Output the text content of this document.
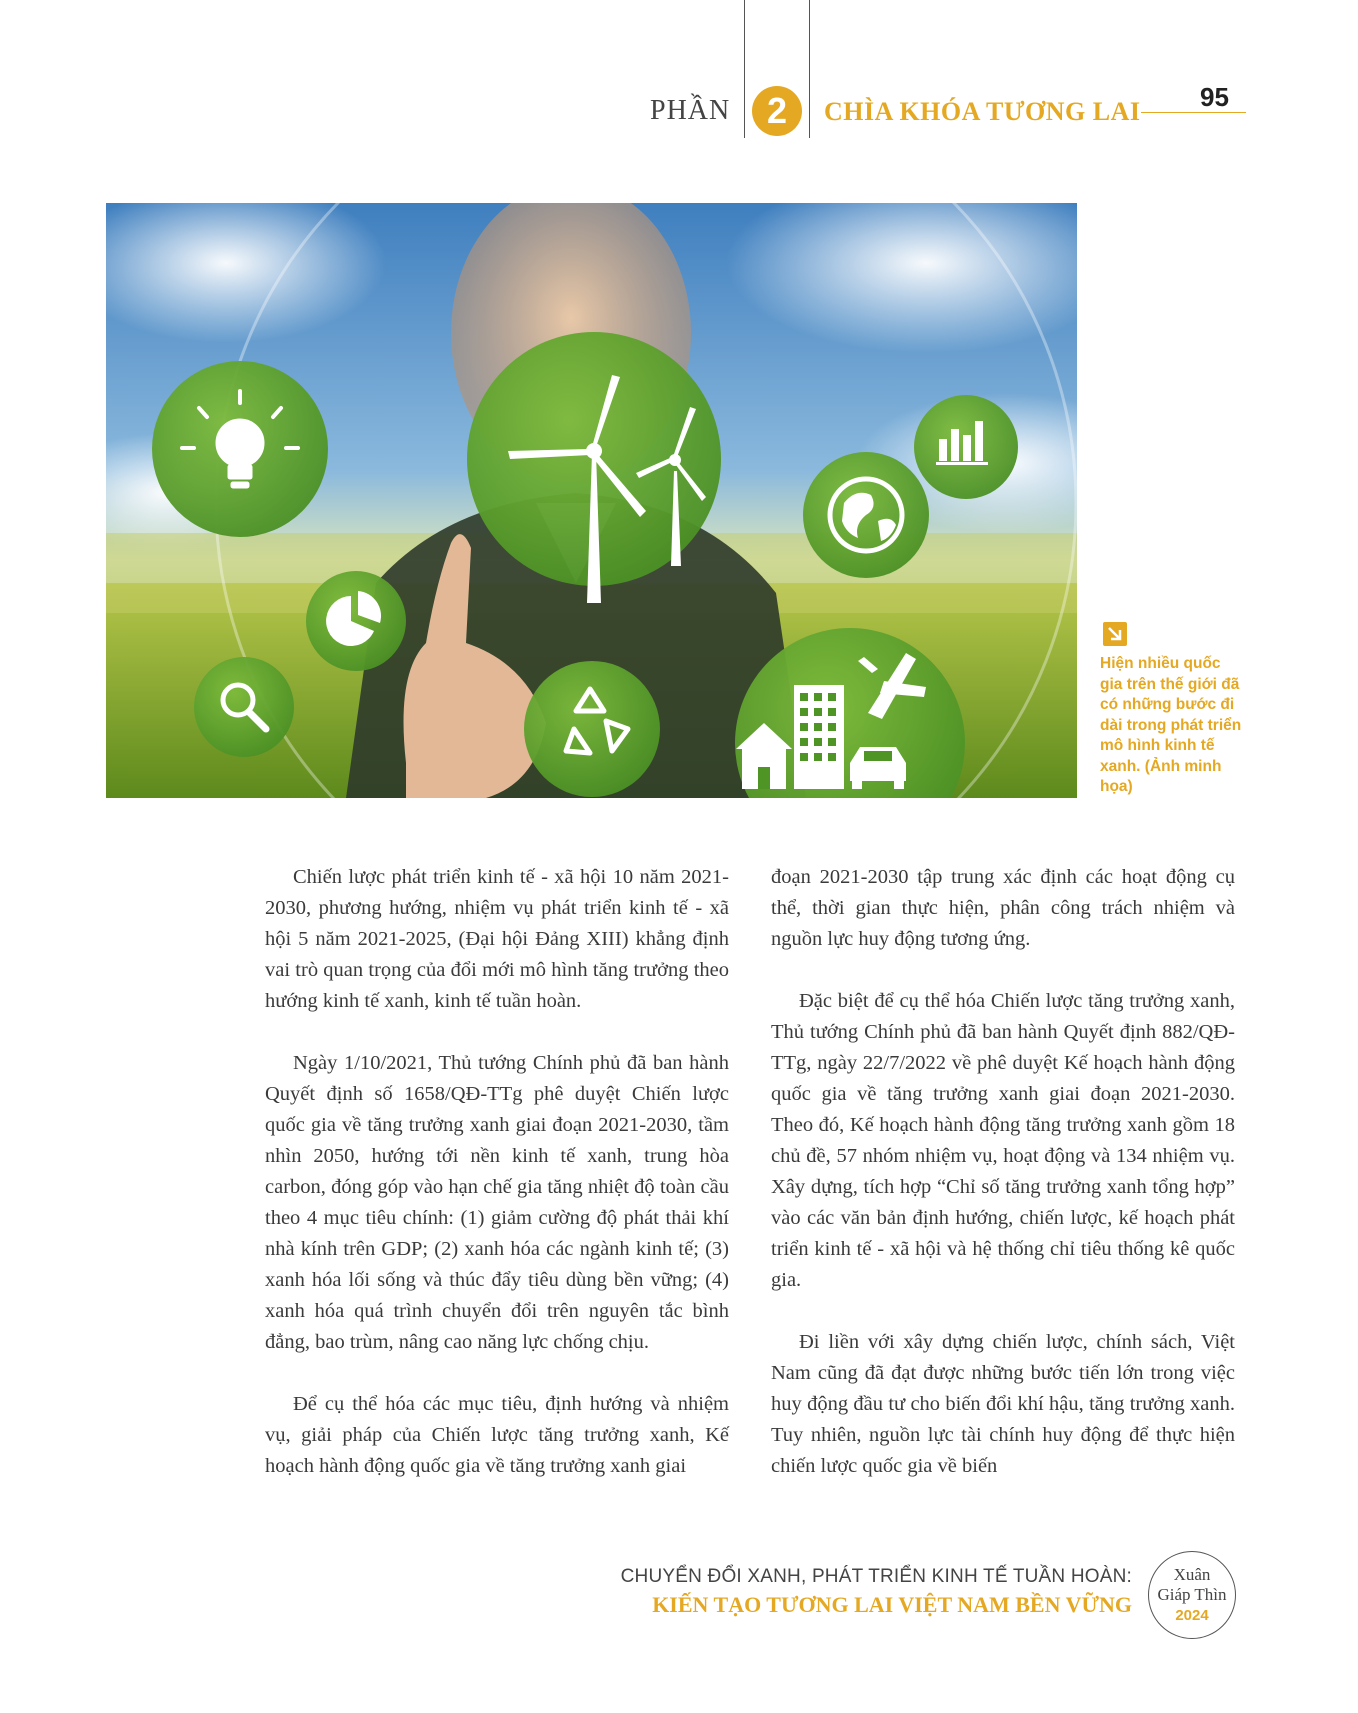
PHẦN	2	CHÌA KHÓA TƯƠNG LAI 95

Hiện nhiều quốc gia trên thế giới đã có những bước đi dài trong phát triển mô hình kinh tế xanh. (Ảnh minh họa)

Chiến lược phát triển kinh tế - xã hội 10 năm 2021-2030, phương hướng, nhiệm vụ phát triển kinh tế - xã hội 5 năm 2021-2025, (Đại hội Đảng XIII) khẳng định vai trò quan trọng của đổi mới mô hình tăng trưởng theo hướng kinh tế xanh, kinh tế tuần hoàn.

Ngày 1/10/2021, Thủ tướng Chính phủ đã ban hành Quyết định số 1658/QĐ-TTg phê duyệt Chiến lược quốc gia về tăng trưởng xanh giai đoạn 2021-2030, tầm nhìn 2050, hướng tới nền kinh tế xanh, trung hòa carbon, đóng góp vào hạn chế gia tăng nhiệt độ toàn cầu theo 4 mục tiêu chính: (1) giảm cường độ phát thải khí nhà kính trên GDP; (2) xanh hóa các ngành kinh tế; (3) xanh hóa lối sống và thúc đẩy tiêu dùng bền vững; (4) xanh hóa quá trình chuyển đổi trên nguyên tắc bình đẳng, bao trùm, nâng cao năng lực chống chịu.

Để cụ thể hóa các mục tiêu, định hướng và nhiệm vụ, giải pháp của Chiến lược tăng trưởng xanh, Kế hoạch hành động quốc gia về tăng trưởng xanh giai

đoạn 2021-2030 tập trung xác định các hoạt động cụ thể, thời gian thực hiện, phân công trách nhiệm và nguồn lực huy động tương ứng.

Đặc biệt để cụ thể hóa Chiến lược tăng trưởng xanh, Thủ tướng Chính phủ đã ban hành Quyết định 882/QĐ-TTg, ngày 22/7/2022 về phê duyệt Kế hoạch hành động quốc gia về tăng trưởng xanh giai đoạn 2021-2030. Theo đó, Kế hoạch hành động tăng trưởng xanh gồm 18 chủ đề, 57 nhóm nhiệm vụ, hoạt động và 134 nhiệm vụ. Xây dựng, tích hợp “Chỉ số tăng trưởng xanh tổng hợp” vào các văn bản định hướng, chiến lược, kế hoạch phát triển kinh tế - xã hội và hệ thống chỉ tiêu thống kê quốc gia.

Đi liền với xây dựng chiến lược, chính sách, Việt Nam cũng đã đạt được những bước tiến lớn trong việc huy động đầu tư cho biến đổi khí hậu, tăng trưởng xanh. Tuy nhiên, nguồn lực tài chính huy động để thực hiện chiến lược quốc gia về biến

CHUYỂN ĐỔI XANH, PHÁT TRIỂN KINH TẾ TUẦN HOÀN:
KIẾN TẠO TƯƠNG LAI VIỆT NAM BỀN VỮNG
Xuân
Giáp Thìn
2024
